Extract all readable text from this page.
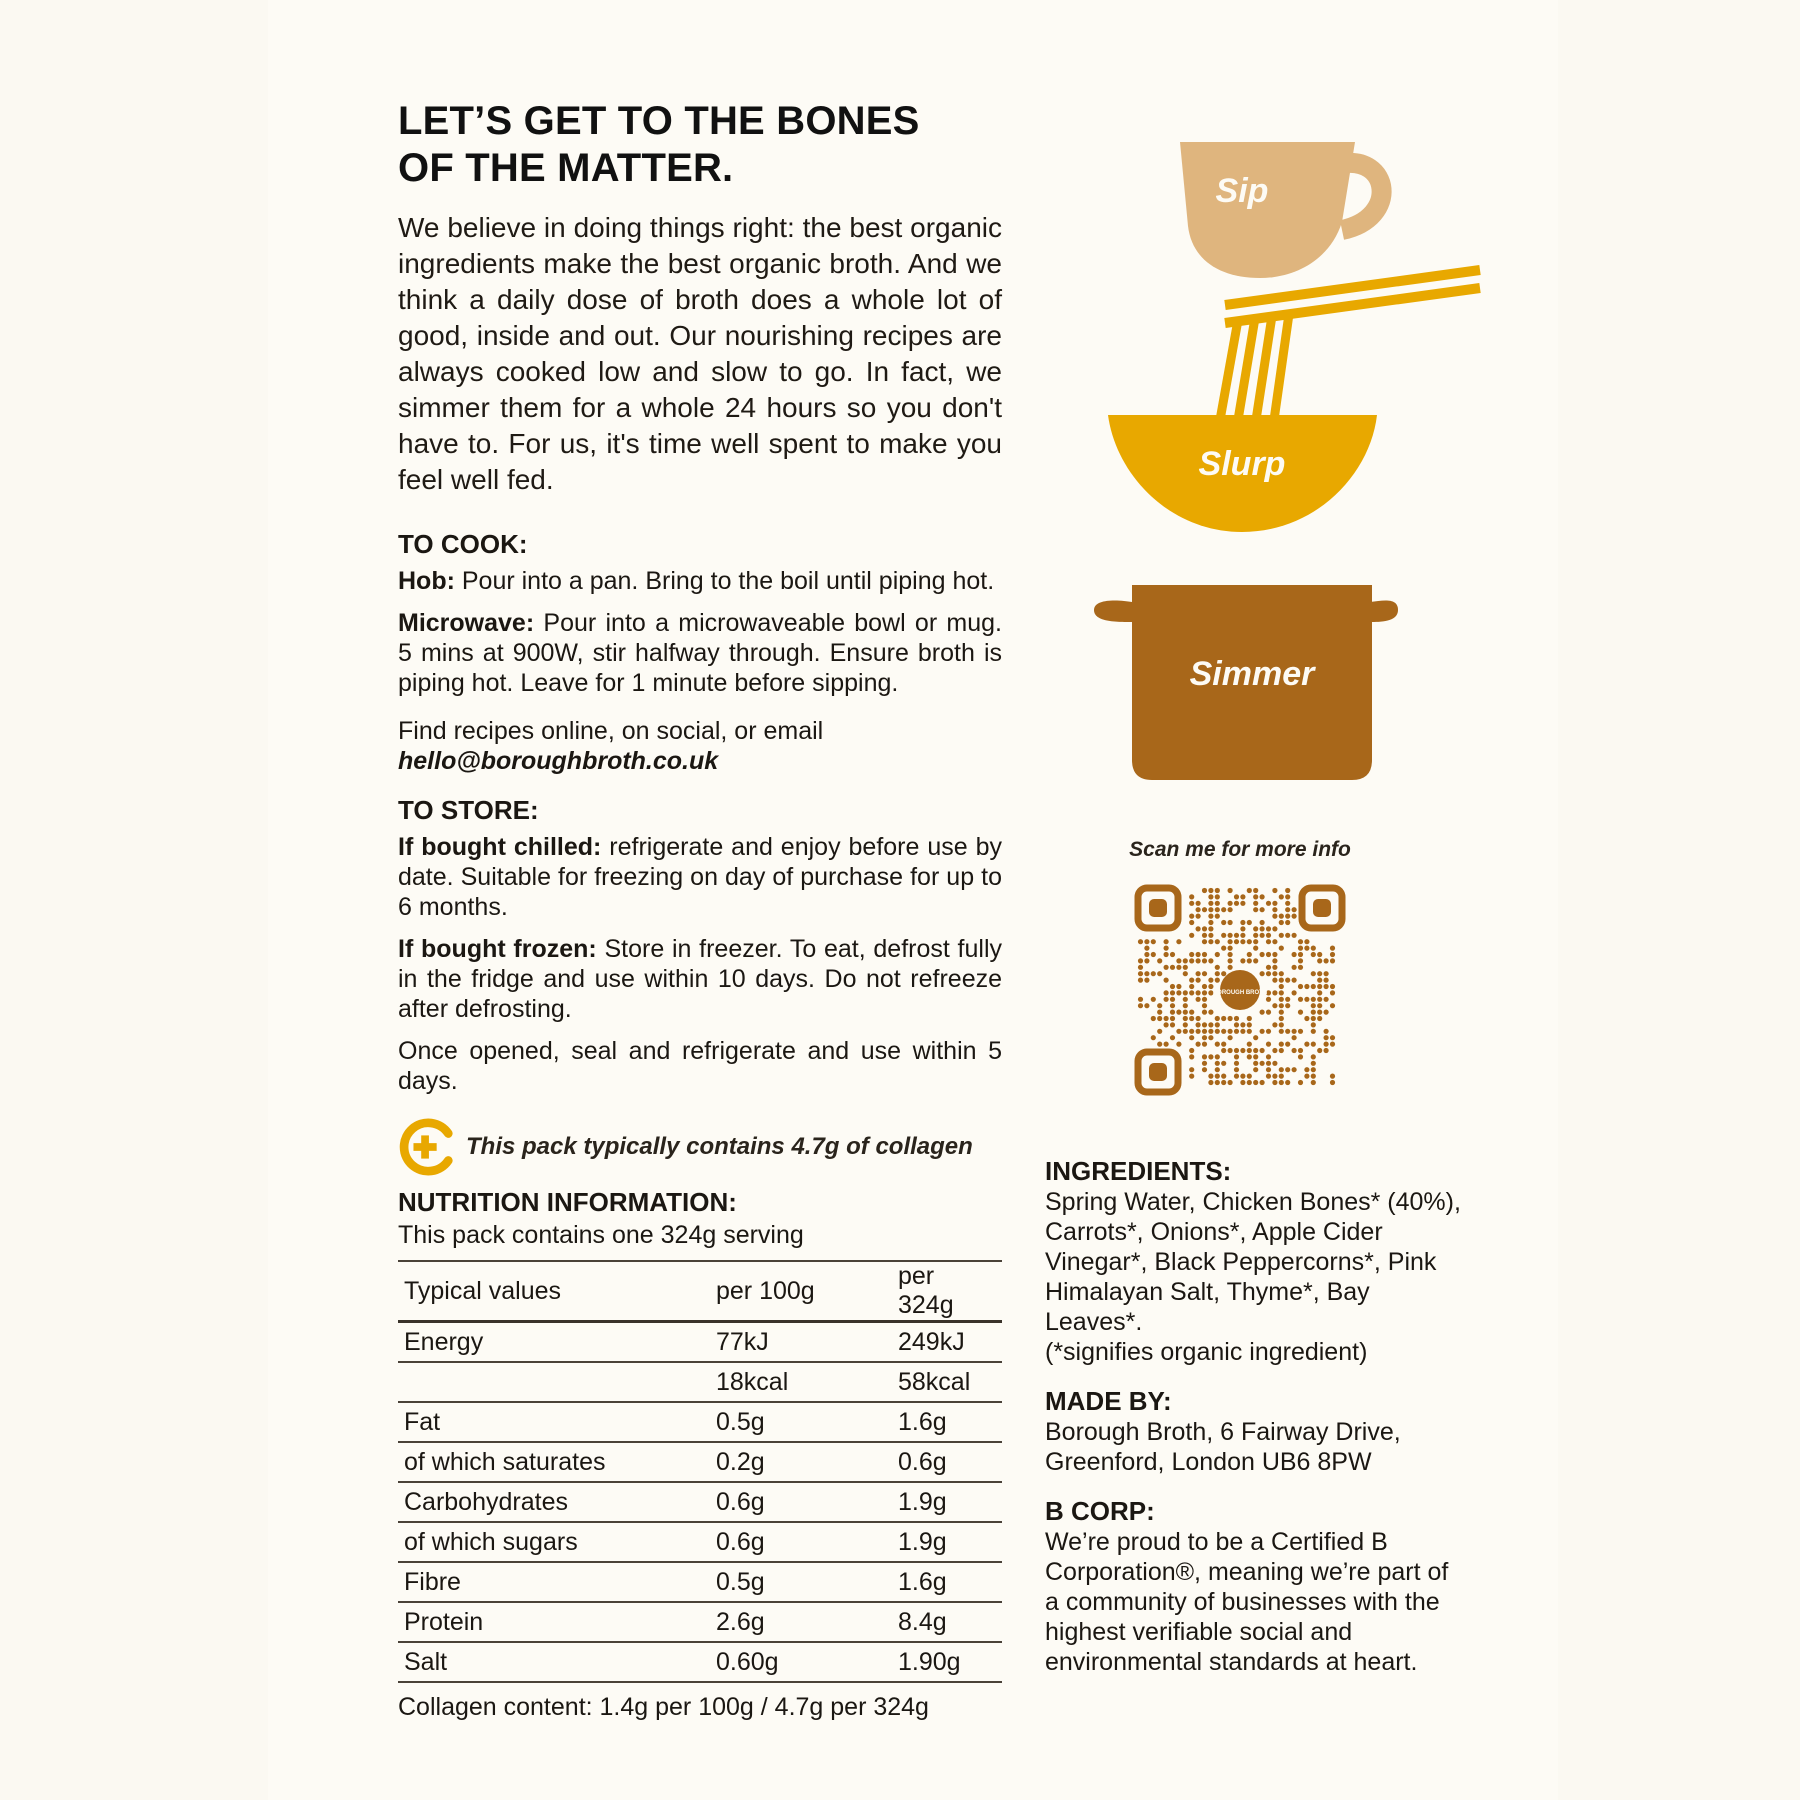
LET’S GET TO THE BONES
OF THE MATTER.

We believe in doing things right: the best organic ingredients make the best organic broth. And we think a daily dose of broth does a whole lot of good, inside and out. Our nourishing recipes are always cooked low and slow to go. In fact, we simmer them for a whole 24 hours so you don't have to. For us, it's time well spent to make you feel well fed.

TO COOK:

Hob: Pour into a pan. Bring to the boil until piping hot.

Microwave: Pour into a microwaveable bowl or mug. 5 mins at 900W, stir halfway through. Ensure broth is piping hot. Leave for 1 minute before sipping.

Find recipes online, on social, or email
hello@boroughbroth.co.uk

TO STORE:

If bought chilled: refrigerate and enjoy before use by date. Suitable for freezing on day of purchase for up to 6 months.

If bought frozen: Store in freezer. To eat, defrost fully in the fridge and use within 10 days. Do not refreeze after defrosting.

Once opened, seal and refrigerate and use within 5 days.

This pack typically contains 4.7g of collagen
NUTRITION INFORMATION:
This pack contains one 324g serving
Typical values	per 100g	per 324g
Energy	77kJ	249kJ
	18kcal	58kcal
Fat	0.5g	1.6g
of which saturates	0.2g	0.6g
Carbohydrates	0.6g	1.9g
of which sugars	0.6g	1.9g
Fibre	0.5g	1.6g
Protein	2.6g	8.4g
Salt	0.60g	1.90g
Collagen content: 1.4g per 100g / 4.7g per 324g
Sip
Slurp
Simmer
Scan me for more info
BOROUGH BROTH
INGREDIENTS:

Spring Water, Chicken Bones* (40%), Carrots*, Onions*, Apple Cider Vinegar*, Black Peppercorns*, Pink Himalayan Salt, Thyme*, Bay Leaves*.

(*signifies organic ingredient)

MADE BY:

Borough Broth, 6 Fairway Drive,
Greenford, London UB6 8PW

B CORP:

We’re proud to be a Certified B Corporation®, meaning we’re part of a community of businesses with the highest verifiable social and environmental standards at heart.
